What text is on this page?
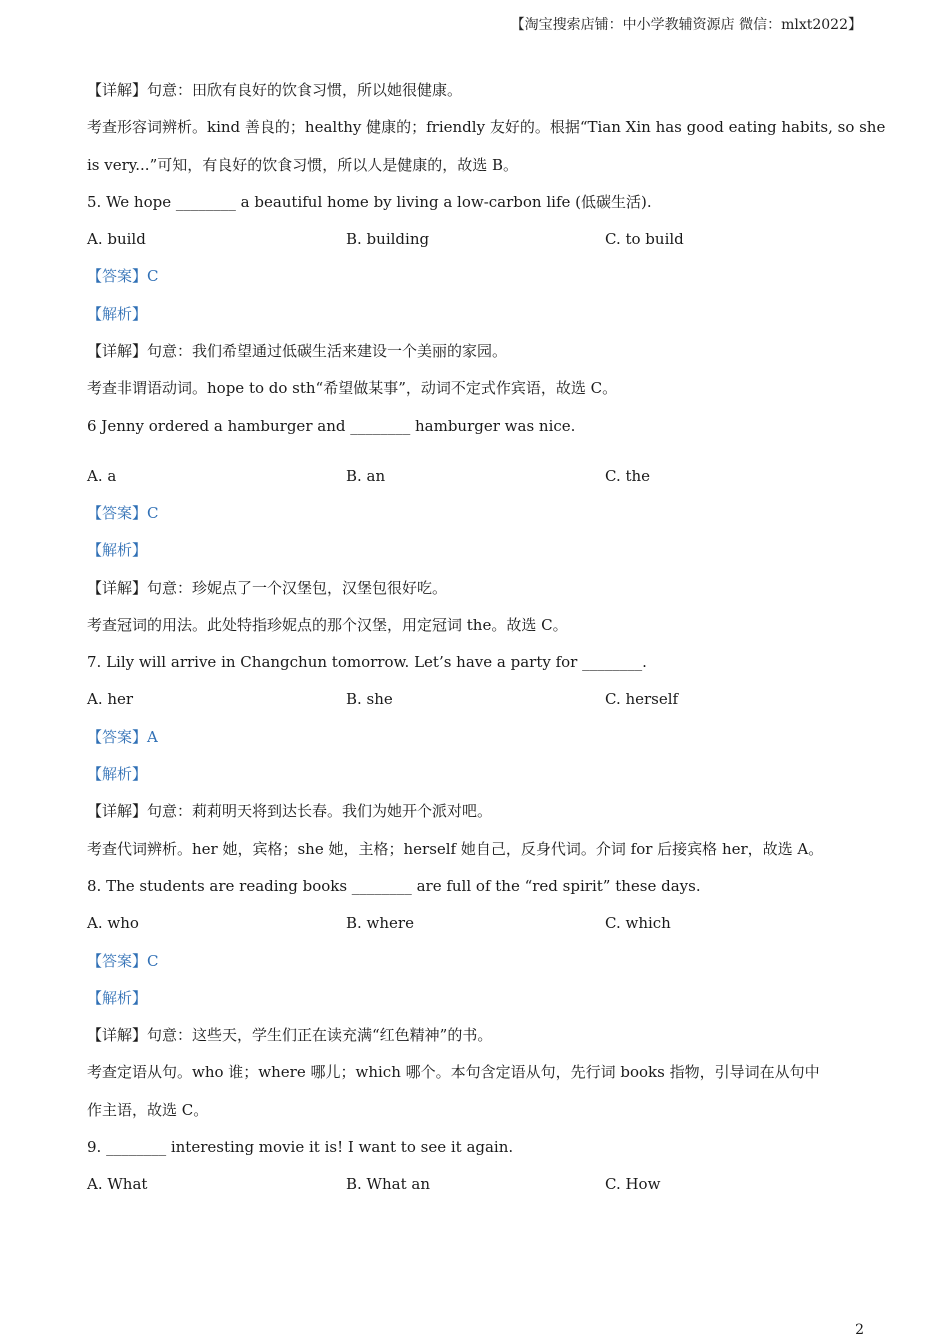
【淘宝搜索店铺：中小学教辅资源店 微信：mlxt2022】
【详解】句意：田欣有良好的饮食习惯，所以她很健康。
考查形容词辨析。kind 善良的；healthy 健康的；friendly 友好的。根据“Tian Xin has good eating habits, so she
is very...”可知，有良好的饮食习惯，所以人是健康的，故选 B。
5. We hope ________ a beautiful home by living a low-carbon life (低碳生活).
A. build	B. building	C. to build
【答案】C
【解析】
【详解】句意：我们希望通过低碳生活来建设一个美丽的家园。
考查非谓语动词。hope to do sth“希望做某事”，动词不定式作宾语，故选 C。
6 Jenny ordered a hamburger and ________ hamburger was nice.
A. a	B. an	C. the
【答案】C
【解析】
【详解】句意：珍妮点了一个汉堡包，汉堡包很好吃。
考查冠词的用法。此处特指珍妮点的那个汉堡，用定冠词 the。故选 C。
7. Lily will arrive in Changchun tomorrow. Let’s have a party for ________.
A. her	B. she	C. herself
【答案】A
【解析】
【详解】句意：莉莉明天将到达长春。我们为她开个派对吧。
考查代词辨析。her 她，宾格；she 她，主格；herself 她自己，反身代词。介词 for 后接宾格 her，故选 A。
8. The students are reading books ________ are full of the “red spirit” these days.
A. who	B. where	C. which
【答案】C
【解析】
【详解】句意：这些天，学生们正在读充满“红色精神”的书。
考查定语从句。who 谁；where 哪儿；which 哪个。本句含定语从句，先行词 books 指物，引导词在从句中
作主语，故选 C。
9. ________ interesting movie it is! I want to see it again.
A. What	B. What an	C. How
2
